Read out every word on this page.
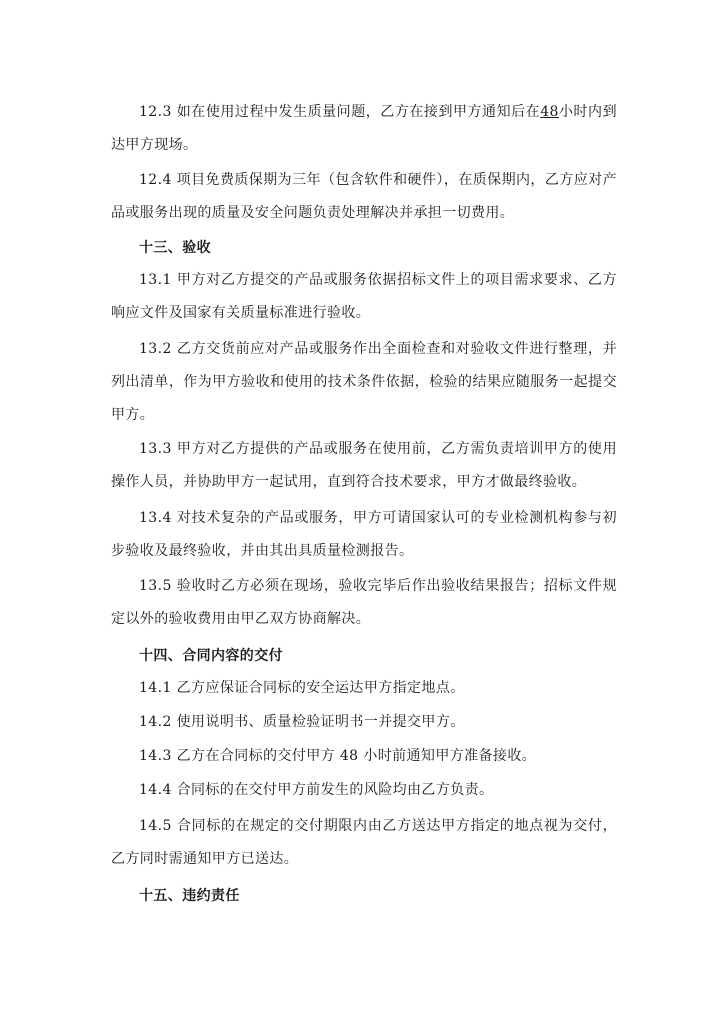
12.3 如在使用过程中发生质量问题，乙方在接到甲方通知后在48小时内到达甲方现场。

12.4 项目免费质保期为三年（包含软件和硬件），在质保期内，乙方应对产品或服务出现的质量及安全问题负责处理解决并承担一切费用。

十三、验收

13.1 甲方对乙方提交的产品或服务依据招标文件上的项目需求要求、乙方响应文件及国家有关质量标准进行验收。

13.2 乙方交货前应对产品或服务作出全面检查和对验收文件进行整理，并列出清单，作为甲方验收和使用的技术条件依据，检验的结果应随服务一起提交甲方。

13.3 甲方对乙方提供的产品或服务在使用前，乙方需负责培训甲方的使用操作人员，并协助甲方一起试用，直到符合技术要求，甲方才做最终验收。

13.4 对技术复杂的产品或服务，甲方可请国家认可的专业检测机构参与初步验收及最终验收，并由其出具质量检测报告。

13.5 验收时乙方必须在现场，验收完毕后作出验收结果报告；招标文件规定以外的验收费用由甲乙双方协商解决。

十四、合同内容的交付

14.1 乙方应保证合同标的安全运达甲方指定地点。

14.2 使用说明书、质量检验证明书一并提交甲方。

14.3 乙方在合同标的交付甲方 48 小时前通知甲方准备接收。

14.4 合同标的在交付甲方前发生的风险均由乙方负责。

14.5 合同标的在规定的交付期限内由乙方送达甲方指定的地点视为交付，乙方同时需通知甲方已送达。

十五、违约责任
